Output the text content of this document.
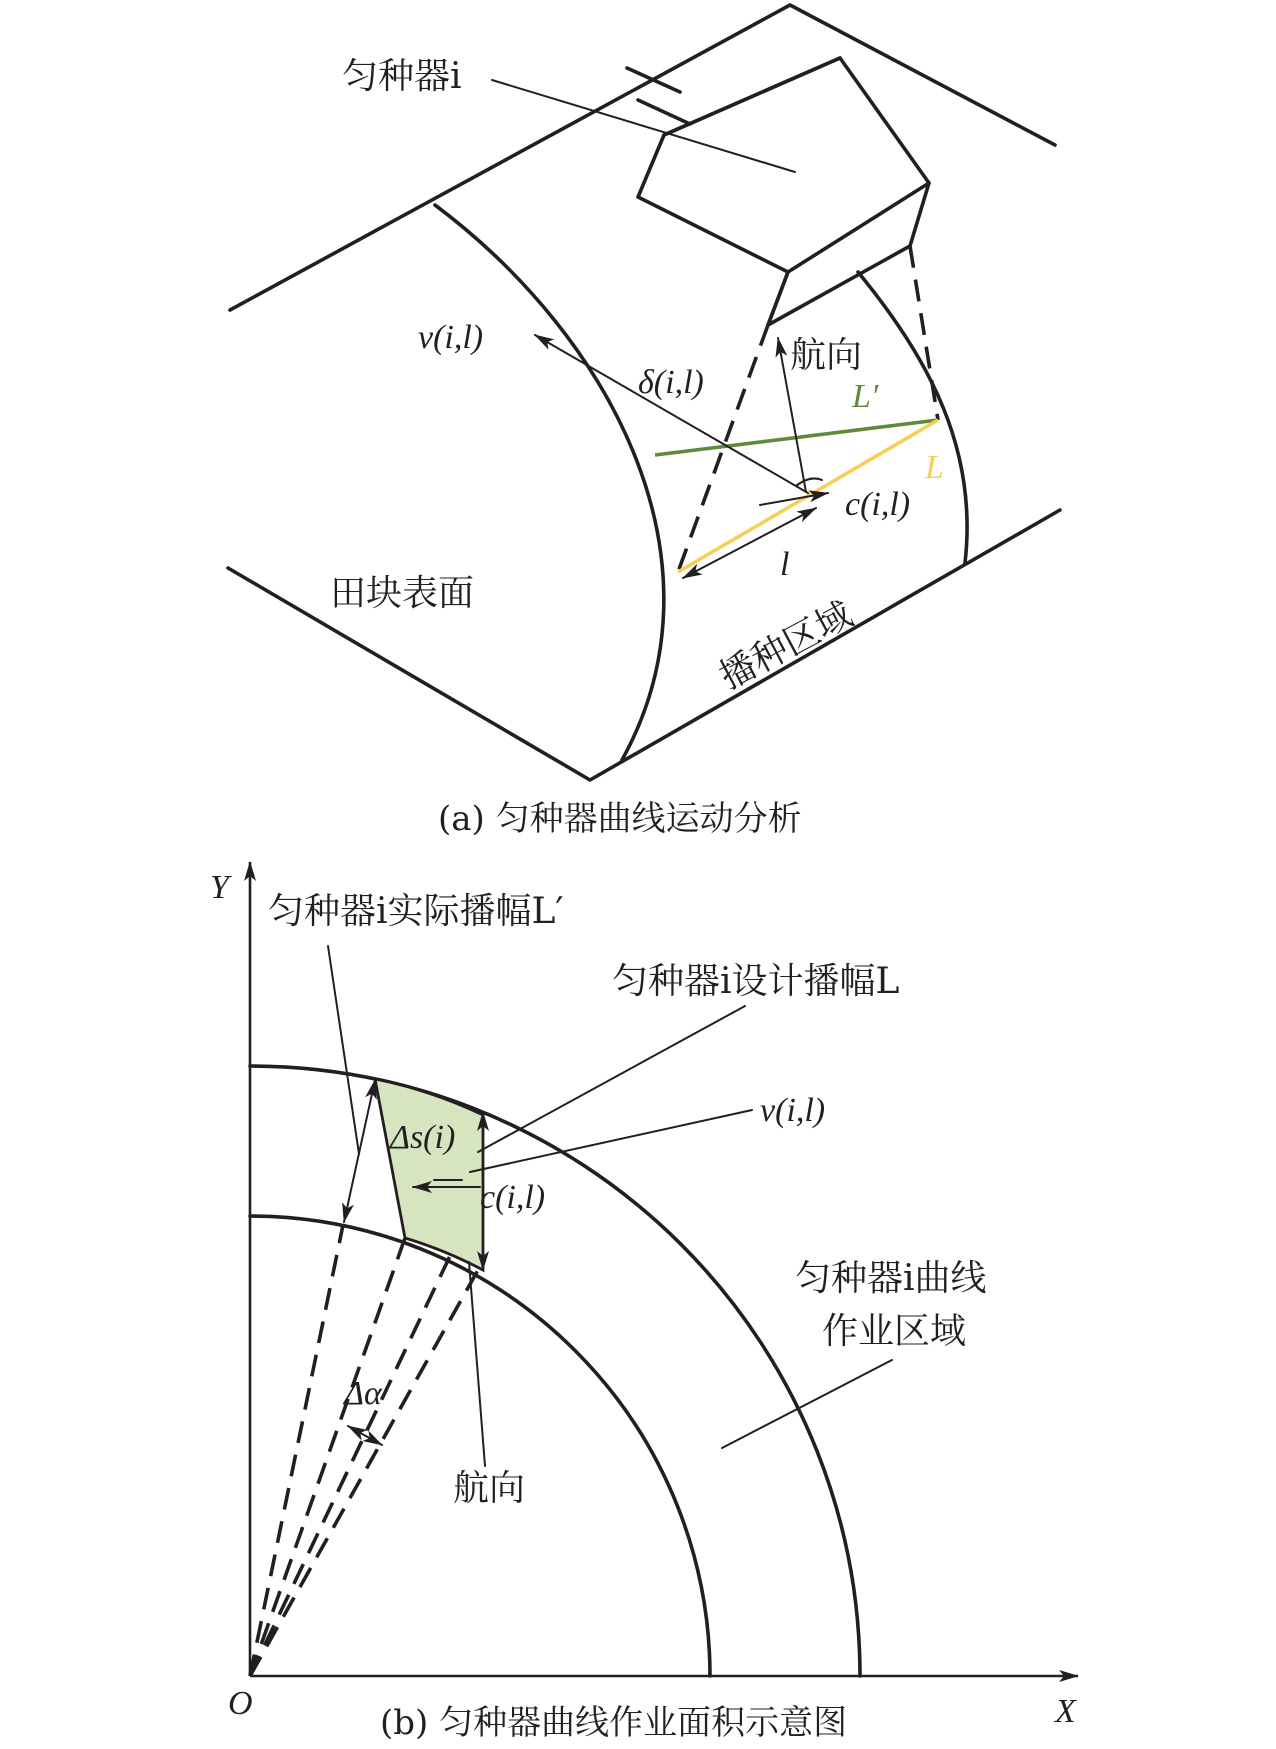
匀种器i
v(i,l)
δ(i,l)
航向
L′
L
c(i,l)
l
田块表面
播种区域
(a) 匀种器曲线运动分析
Y
X
O
匀种器i实际播幅L′
匀种器i设计播幅L
v(i,l)
Δs(i)
c(i,l)
匀种器i曲线
作业区域
Δα
航向
(b) 匀种器曲线作业面积示意图
